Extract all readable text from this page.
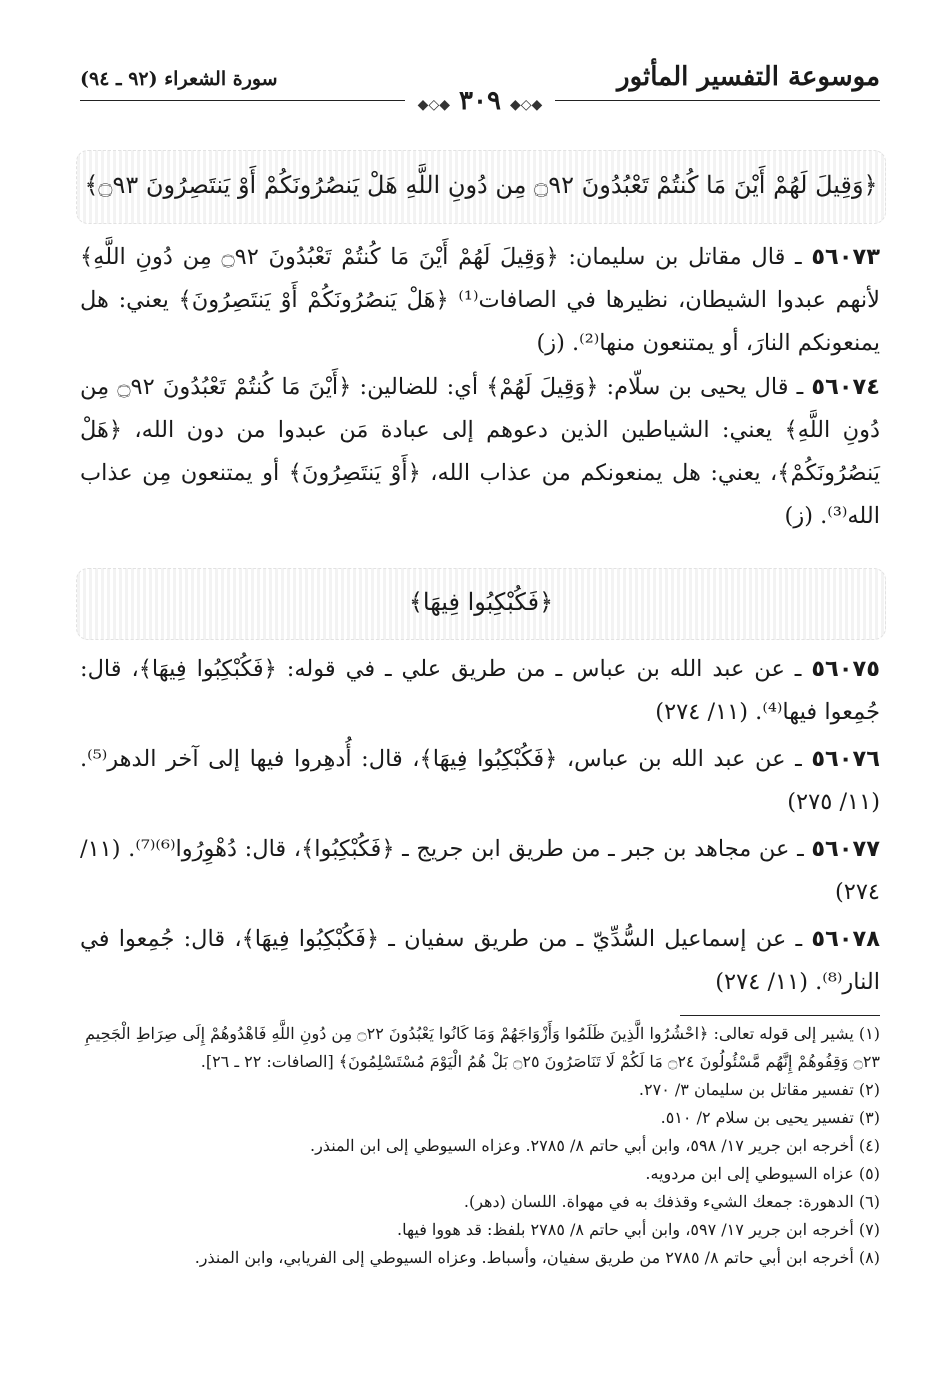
موسوعة التفسير المأثور
سورة الشعراء (٩٢ ـ ٩٤)
◆◇◆ ٣٠٩ ◆◇◆
﴿وَقِيلَ لَهُمْ أَيْنَ مَا كُنتُمْ تَعْبُدُونَ ۝٩٢ مِن دُونِ اللَّهِ هَلْ يَنصُرُونَكُمْ أَوْ يَنتَصِرُونَ ۝٩٣﴾
٥٦٠٧٣ ـ قال مقاتل بن سليمان: ﴿وَقِيلَ لَهُمْ أَيْنَ مَا كُنتُمْ تَعْبُدُونَ ۝٩٢ مِن دُونِ اللَّهِ﴾ لأنهم عبدوا الشيطان، نظيرها في الصافات⁽¹⁾ ﴿هَلْ يَنصُرُونَكُمْ أَوْ يَنتَصِرُونَ﴾ يعني: هل يمنعونكم النارَ، أو يمتنعون منها⁽²⁾. (ز)
٥٦٠٧٤ ـ قال يحيى بن سلّام: ﴿وَقِيلَ لَهُمْ﴾ أي: للضالين: ﴿أَيْنَ مَا كُنتُمْ تَعْبُدُونَ ۝٩٢ مِن دُونِ اللَّهِ﴾ يعني: الشياطين الذين دعوهم إلى عبادة مَن عبدوا من دون الله، ﴿هَلْ يَنصُرُونَكُمْ﴾، يعني: هل يمنعونكم من عذاب الله، ﴿أَوْ يَنتَصِرُونَ﴾ أو يمتنعون مِن عذاب الله⁽³⁾. (ز)
﴿فَكُبْكِبُوا فِيهَا﴾
٥٦٠٧٥ ـ عن عبد الله بن عباس ـ من طريق علي ـ في قوله: ﴿فَكُبْكِبُوا فِيهَا﴾، قال: جُمِعوا فيها⁽⁴⁾. (١١/ ٢٧٤)
٥٦٠٧٦ ـ عن عبد الله بن عباس، ﴿فَكُبْكِبُوا فِيهَا﴾، قال: أُدهِروا فيها إلى آخر الدهر⁽⁵⁾. (١١/ ٢٧٥)
٥٦٠٧٧ ـ عن مجاهد بن جبر ـ من طريق ابن جريج ـ ﴿فَكُبْكِبُوا﴾، قال: دُهْوِرُوا⁽⁶⁾⁽⁷⁾. (١١/ ٢٧٤)
٥٦٠٧٨ ـ عن إسماعيل السُّدِّيّ ـ من طريق سفيان ـ ﴿فَكُبْكِبُوا فِيهَا﴾، قال: جُمِعوا في النار⁽⁸⁾. (١١/ ٢٧٤)
(١) يشير إلى قوله تعالى: ﴿احْشُرُوا الَّذِينَ ظَلَمُوا وَأَزْوَاجَهُمْ وَمَا كَانُوا يَعْبُدُونَ ۝٢٢ مِن دُونِ اللَّهِ فَاهْدُوهُمْ إِلَى صِرَاطِ الْجَحِيمِ ۝٢٣ وَقِفُوهُمْ إِنَّهُم مَّسْئُولُونَ ۝٢٤ مَا لَكُمْ لَا تَنَاصَرُونَ ۝٢٥ بَلْ هُمُ الْيَوْمَ مُسْتَسْلِمُونَ﴾ [الصافات: ٢٢ ـ ٢٦].
(٢) تفسير مقاتل بن سليمان ٣/ ٢٧٠.
(٣) تفسير يحيى بن سلام ٢/ ٥١٠.
(٤) أخرجه ابن جرير ١٧/ ٥٩٨، وابن أبي حاتم ٨/ ٢٧٨٥. وعزاه السيوطي إلى ابن المنذر.
(٥) عزاه السيوطي إلى ابن مردويه.
(٦) الدهورة: جمعك الشيء وقذفك به في مهواة. اللسان (دهر).
(٧) أخرجه ابن جرير ١٧/ ٥٩٧، وابن أبي حاتم ٨/ ٢٧٨٥ بلفظ: قد هووا فيها.
(٨) أخرجه ابن أبي حاتم ٨/ ٢٧٨٥ من طريق سفيان، وأسباط. وعزاه السيوطي إلى الفريابي، وابن المنذر.
